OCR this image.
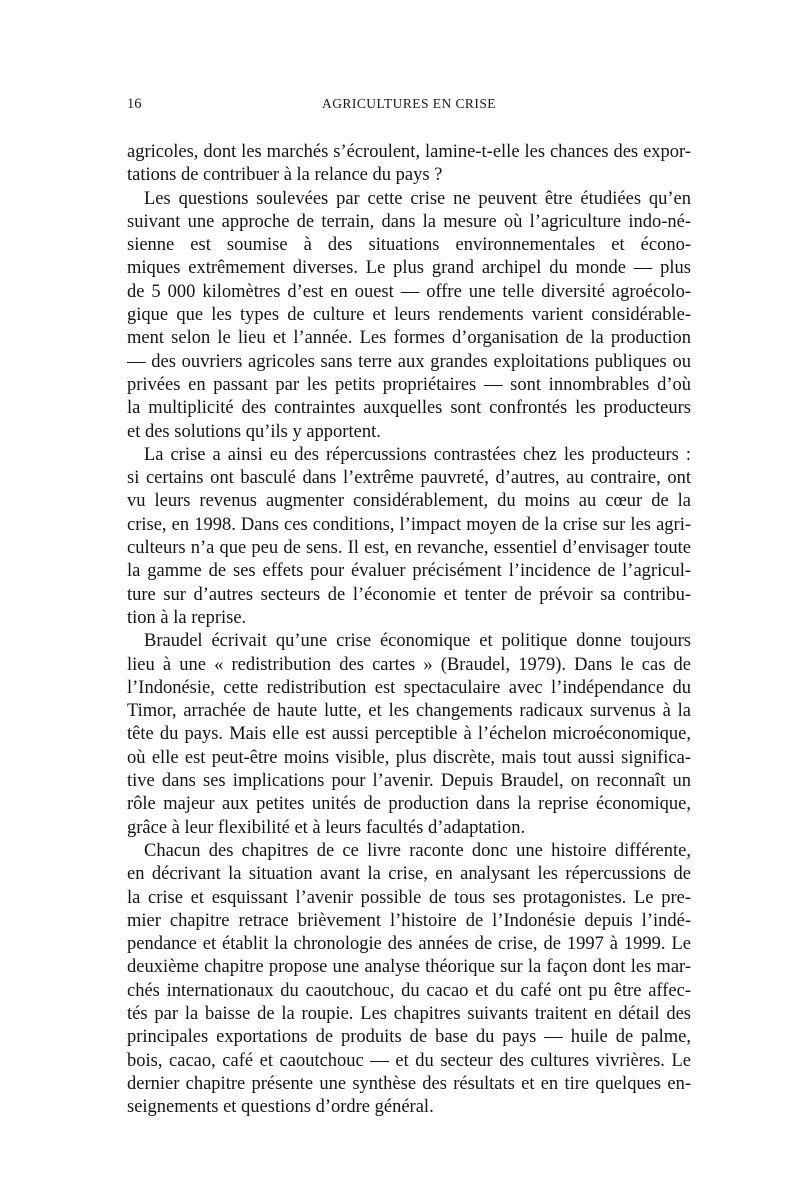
16	AGRICULTURES EN CRISE
agricoles, dont les marchés s’écroulent, lamine-t-elle les chances des expor-
tations de contribuer à la relance du pays ?
Les questions soulevées par cette crise ne peuvent être étudiées qu’en
suivant une approche de terrain, dans la mesure où l’agriculture indo-né-
sienne est soumise à des situations environnementales et écono-
miques extrêmement diverses. Le plus grand archipel du monde — plus
de 5 000 kilomètres d’est en ouest — offre une telle diversité agroécolo-
gique que les types de culture et leurs rendements varient considérable-
ment selon le lieu et l’année. Les formes d’organisation de la production
— des ouvriers agricoles sans terre aux grandes exploitations publiques ou
privées en passant par les petits propriétaires — sont innombrables d’où
la multiplicité des contraintes auxquelles sont confrontés les producteurs
et des solutions qu’ils y apportent.
La crise a ainsi eu des répercussions contrastées chez les producteurs :
si certains ont basculé dans l’extrême pauvreté, d’autres, au contraire, ont
vu leurs revenus augmenter considérablement, du moins au cœur de la
crise, en 1998. Dans ces conditions, l’impact moyen de la crise sur les agri-
culteurs n’a que peu de sens. Il est, en revanche, essentiel d’envisager toute
la gamme de ses effets pour évaluer précisément l’incidence de l’agricul-
ture sur d’autres secteurs de l’économie et tenter de prévoir sa contribu-
tion à la reprise.
Braudel écrivait qu’une crise économique et politique donne toujours
lieu à une « redistribution des cartes » (Braudel, 1979). Dans le cas de
l’Indonésie, cette redistribution est spectaculaire avec l’indépendance du
Timor, arrachée de haute lutte, et les changements radicaux survenus à la
tête du pays. Mais elle est aussi perceptible à l’échelon microéconomique,
où elle est peut-être moins visible, plus discrète, mais tout aussi significa-
tive dans ses implications pour l’avenir. Depuis Braudel, on reconnaît un
rôle majeur aux petites unités de production dans la reprise économique,
grâce à leur flexibilité et à leurs facultés d’adaptation.
Chacun des chapitres de ce livre raconte donc une histoire différente,
en décrivant la situation avant la crise, en analysant les répercussions de
la crise et esquissant l’avenir possible de tous ses protagonistes. Le pre-
mier chapitre retrace brièvement l’histoire de l’Indonésie depuis l’indé-
pendance et établit la chronologie des années de crise, de 1997 à 1999. Le
deuxième chapitre propose une analyse théorique sur la façon dont les mar-
chés internationaux du caoutchouc, du cacao et du café ont pu être affec-
tés par la baisse de la roupie. Les chapitres suivants traitent en détail des
principales exportations de produits de base du pays — huile de palme,
bois, cacao, café et caoutchouc — et du secteur des cultures vivrières. Le
dernier chapitre présente une synthèse des résultats et en tire quelques en-
seignements et questions d’ordre général.
